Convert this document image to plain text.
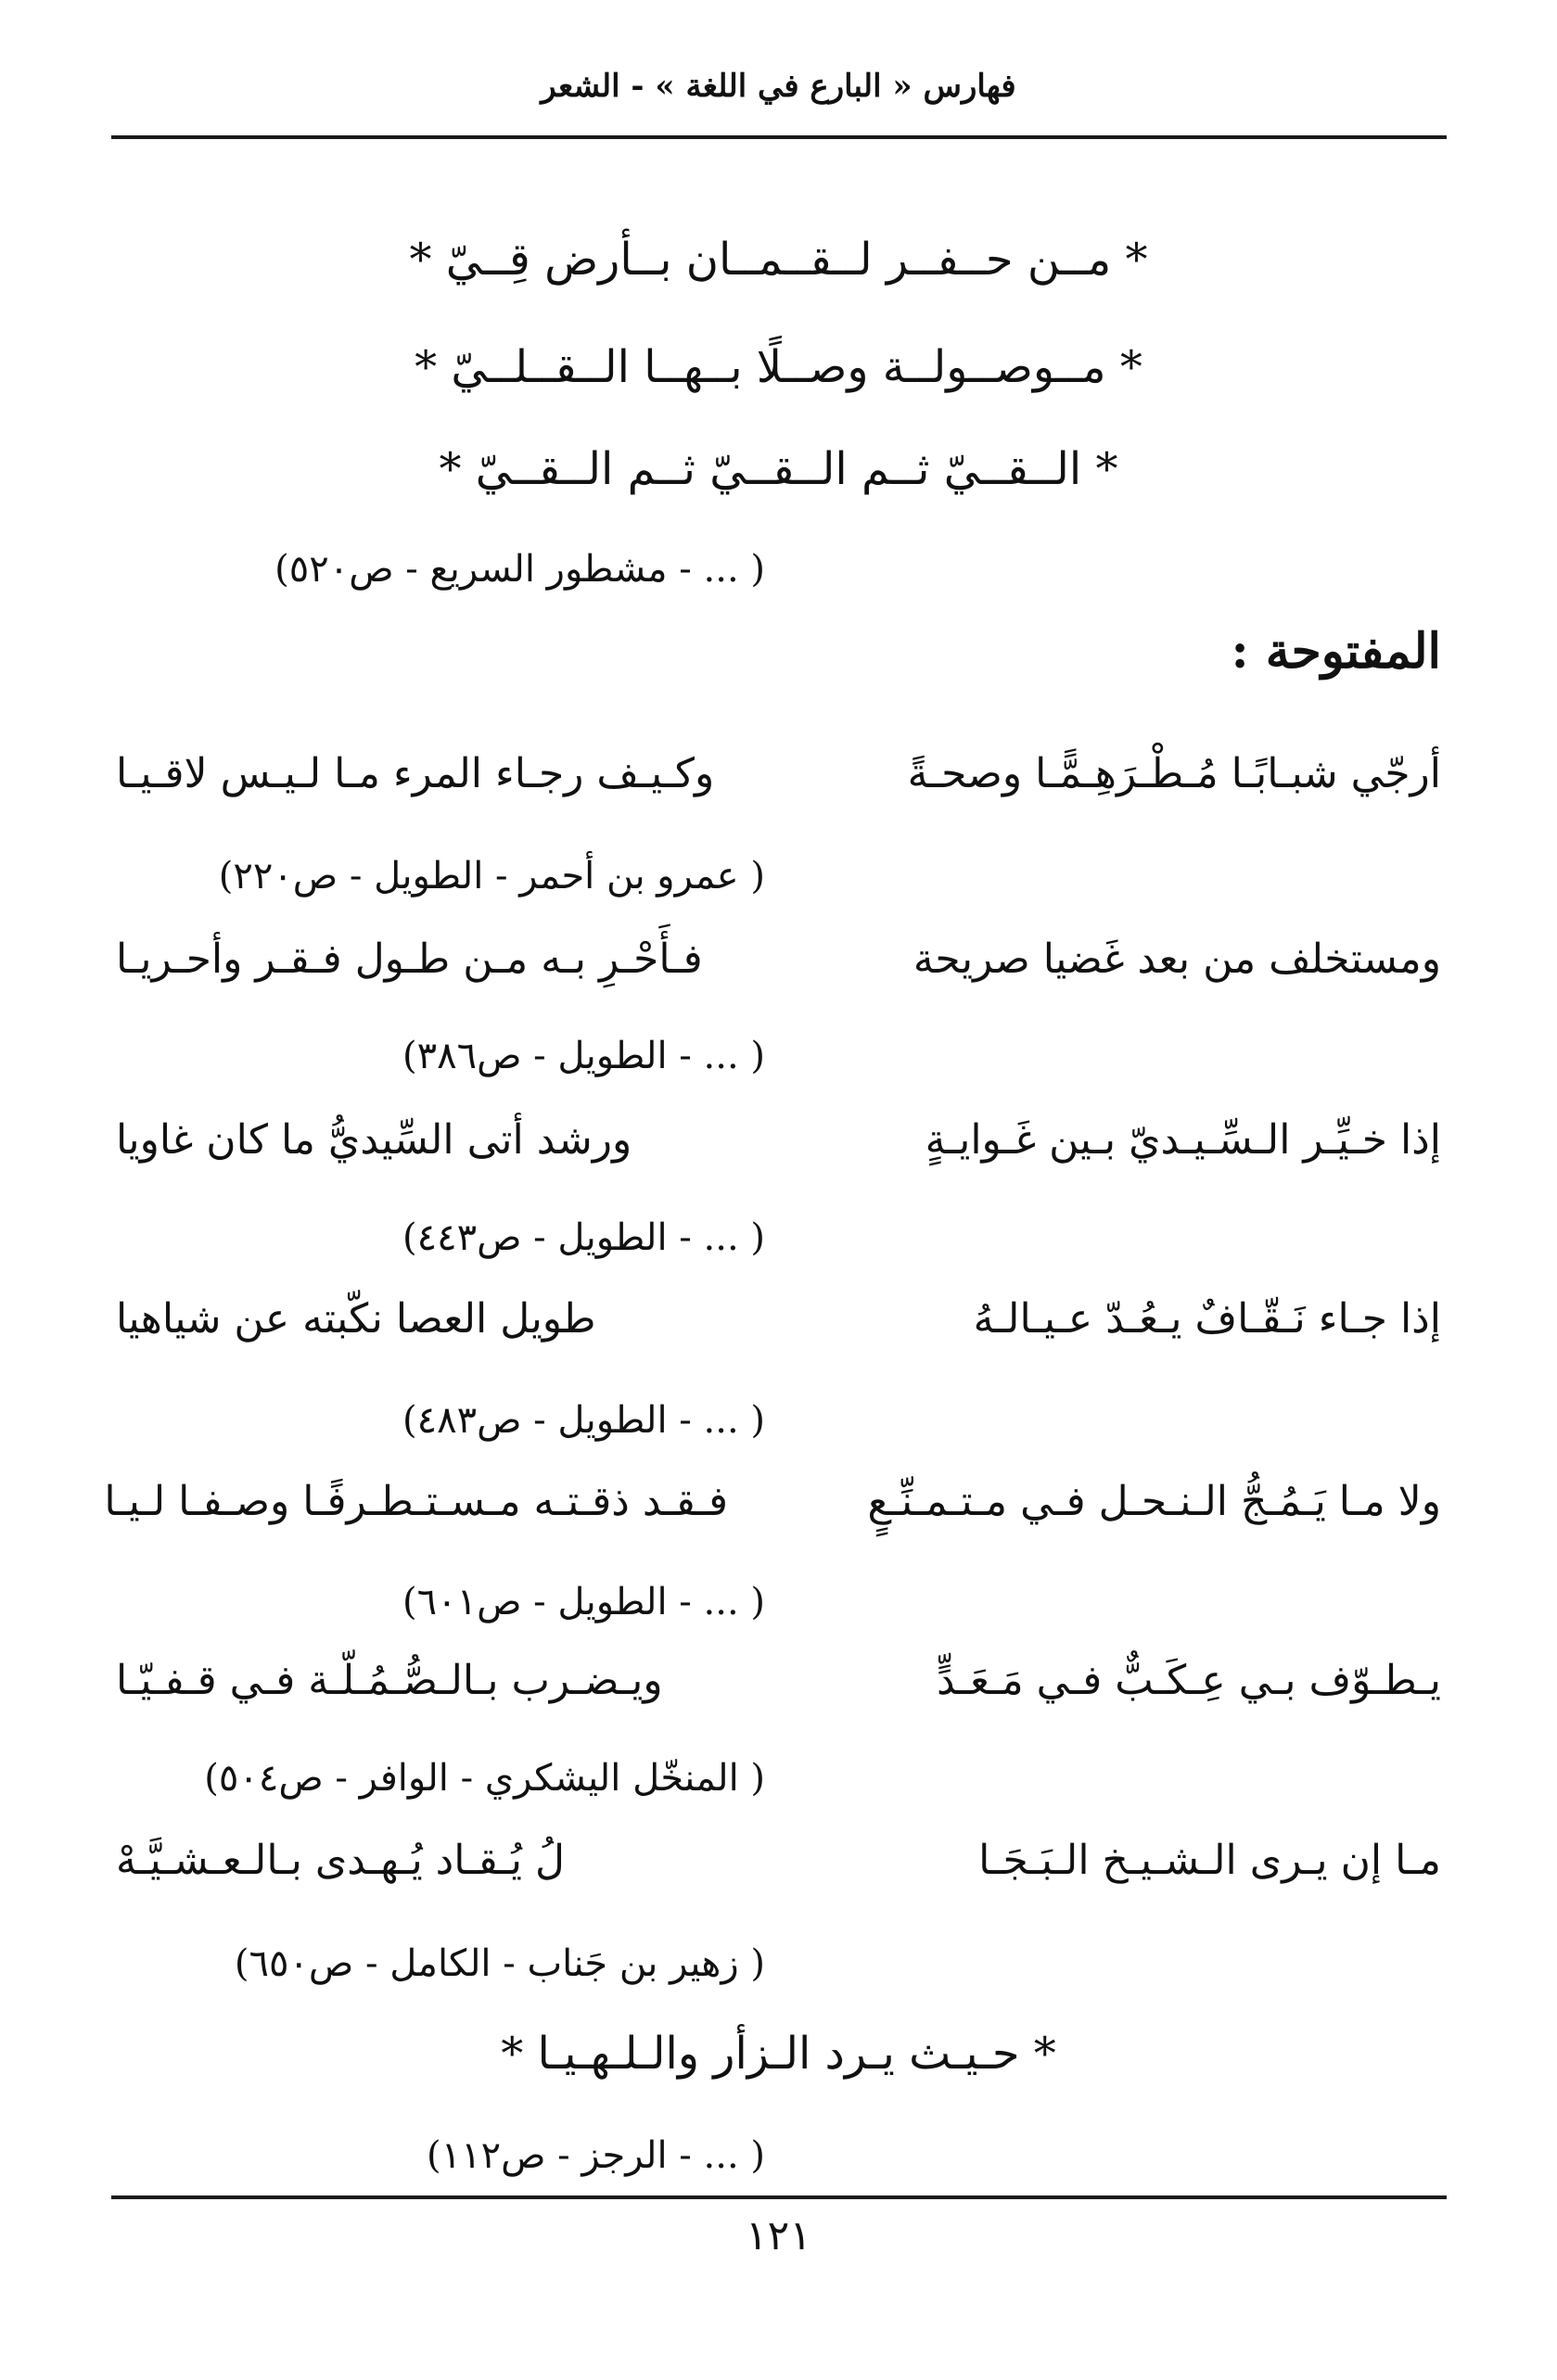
فهارس « البارع في اللغة » - الشعر
* مــن حــفــر لــقــمــان بــأرض قِــيّ *
* مــوصــولــة وصــلًا بــهــا الــقــلــيّ *
* الــقــيّ ثــم الــقــيّ ثــم الــقــيّ *
( ... - مشطور السريع - ص٥٢٠)
المفتوحة :
أرجّي شبـابًـا مُـطْـرَهِـمًّـا وصحـةً
وكـيـف رجـاء المرء مـا لـيـس لاقـيـا
( عمرو بن أحمر - الطويل - ص٢٢٠)
ومستخلف من بعد غَضيا صريحة
فـأَحْـرِ بـه مـن طـول فـقـر وأحـريـا
( ... - الطويل - ص٣٨٦)
إذا خـيِّـر الـسِّـيـديّ بـين غَـوايـةٍ
ورشد أتى السِّيديُّ ما كان غاويا
( ... - الطويل - ص٤٤٣)
إذا جـاء نَـقّـافٌ يـعُـدّ عـيـالـهُ
طويل العصا نكّبته عن شياهيا
( ... - الطويل - ص٤٨٣)
ولا مـا يَـمُـجُّ الـنـحـل فـي مـتـمـنِّـعٍ
فـقـد ذقـتـه مـسـتـطـرفًـا وصـفـا لـيـا
( ... - الطويل - ص٦٠١)
يـطـوّف بـي عِـكَـبٌّ فـي مَـعَـدٍّ
ويـضـرب بـالـصُّـمُـلّـة فـي قـفـيّـا
( المنخّل اليشكري - الوافر - ص٥٠٤)
مـا إن يـرى الـشـيـخ الـبَـجَـا
لُ يُـقـاد يُـهـدى بـالـعـشـيَّـهْ
( زهير بن جَناب - الكامل - ص٦٥٠)
* حـيـث يـرد الـزأر والـلـهـيـا *
( ... - الرجز - ص١١٢)
١٢١
